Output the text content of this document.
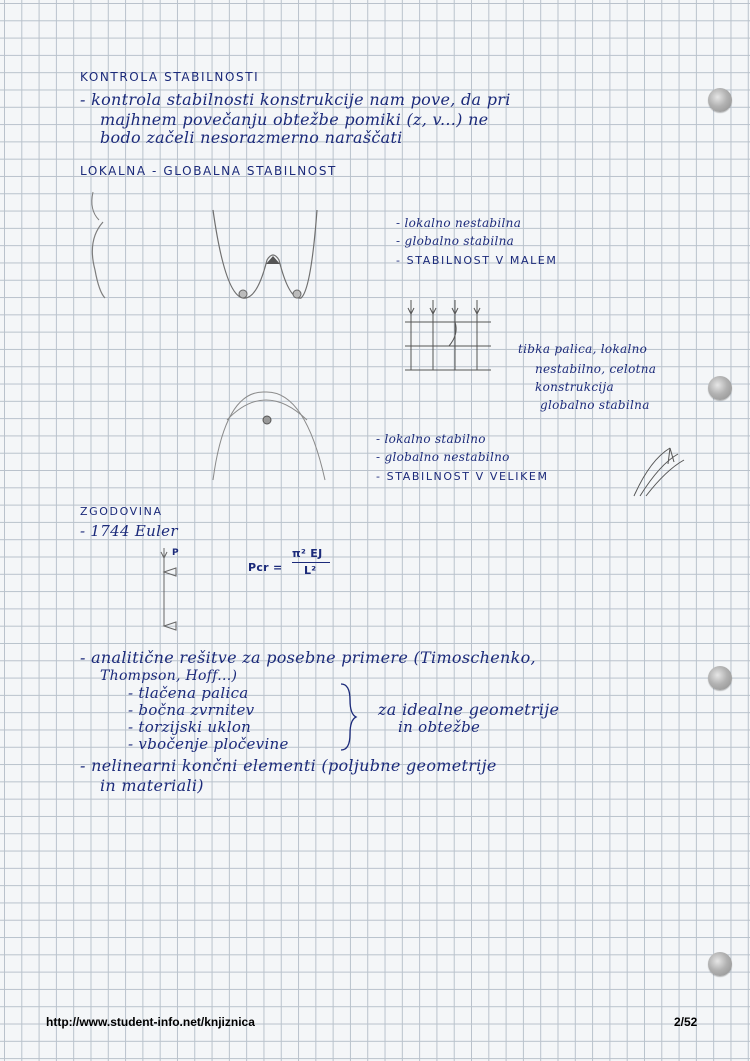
KONTROLA STABILNOSTI
- kontrola stabilnosti konstrukcije nam pove, da pri
majhnem povečanju obtežbe pomiki (z, v...) ne
bodo začeli nesorazmerno naraščati
LOKALNA - GLOBALNA STABILNOST
- lokalno nestabilna
- globalno stabilna
- STABILNOST V MALEM
tibka palica, lokalno
nestabilno, celotna
konstrukcija
globalno stabilna
- lokalno stabilno
- globalno nestabilno
- STABILNOST V VELIKEM
ZGODOVINA
- 1744 Euler
P
Pcr =
π² EJ
L²
- analitične rešitve za posebne primere (Timoschenko,
Thompson, Hoff...)
- tlačena palica
- bočna zvrnitev
- torzijski uklon
- vbočenje pločevine
za idealne geometrije
in obtežbe
- nelinearni končni elementi (poljubne geometrije
in materiali)
http://www.student-info.net/knjiznica	2/52
